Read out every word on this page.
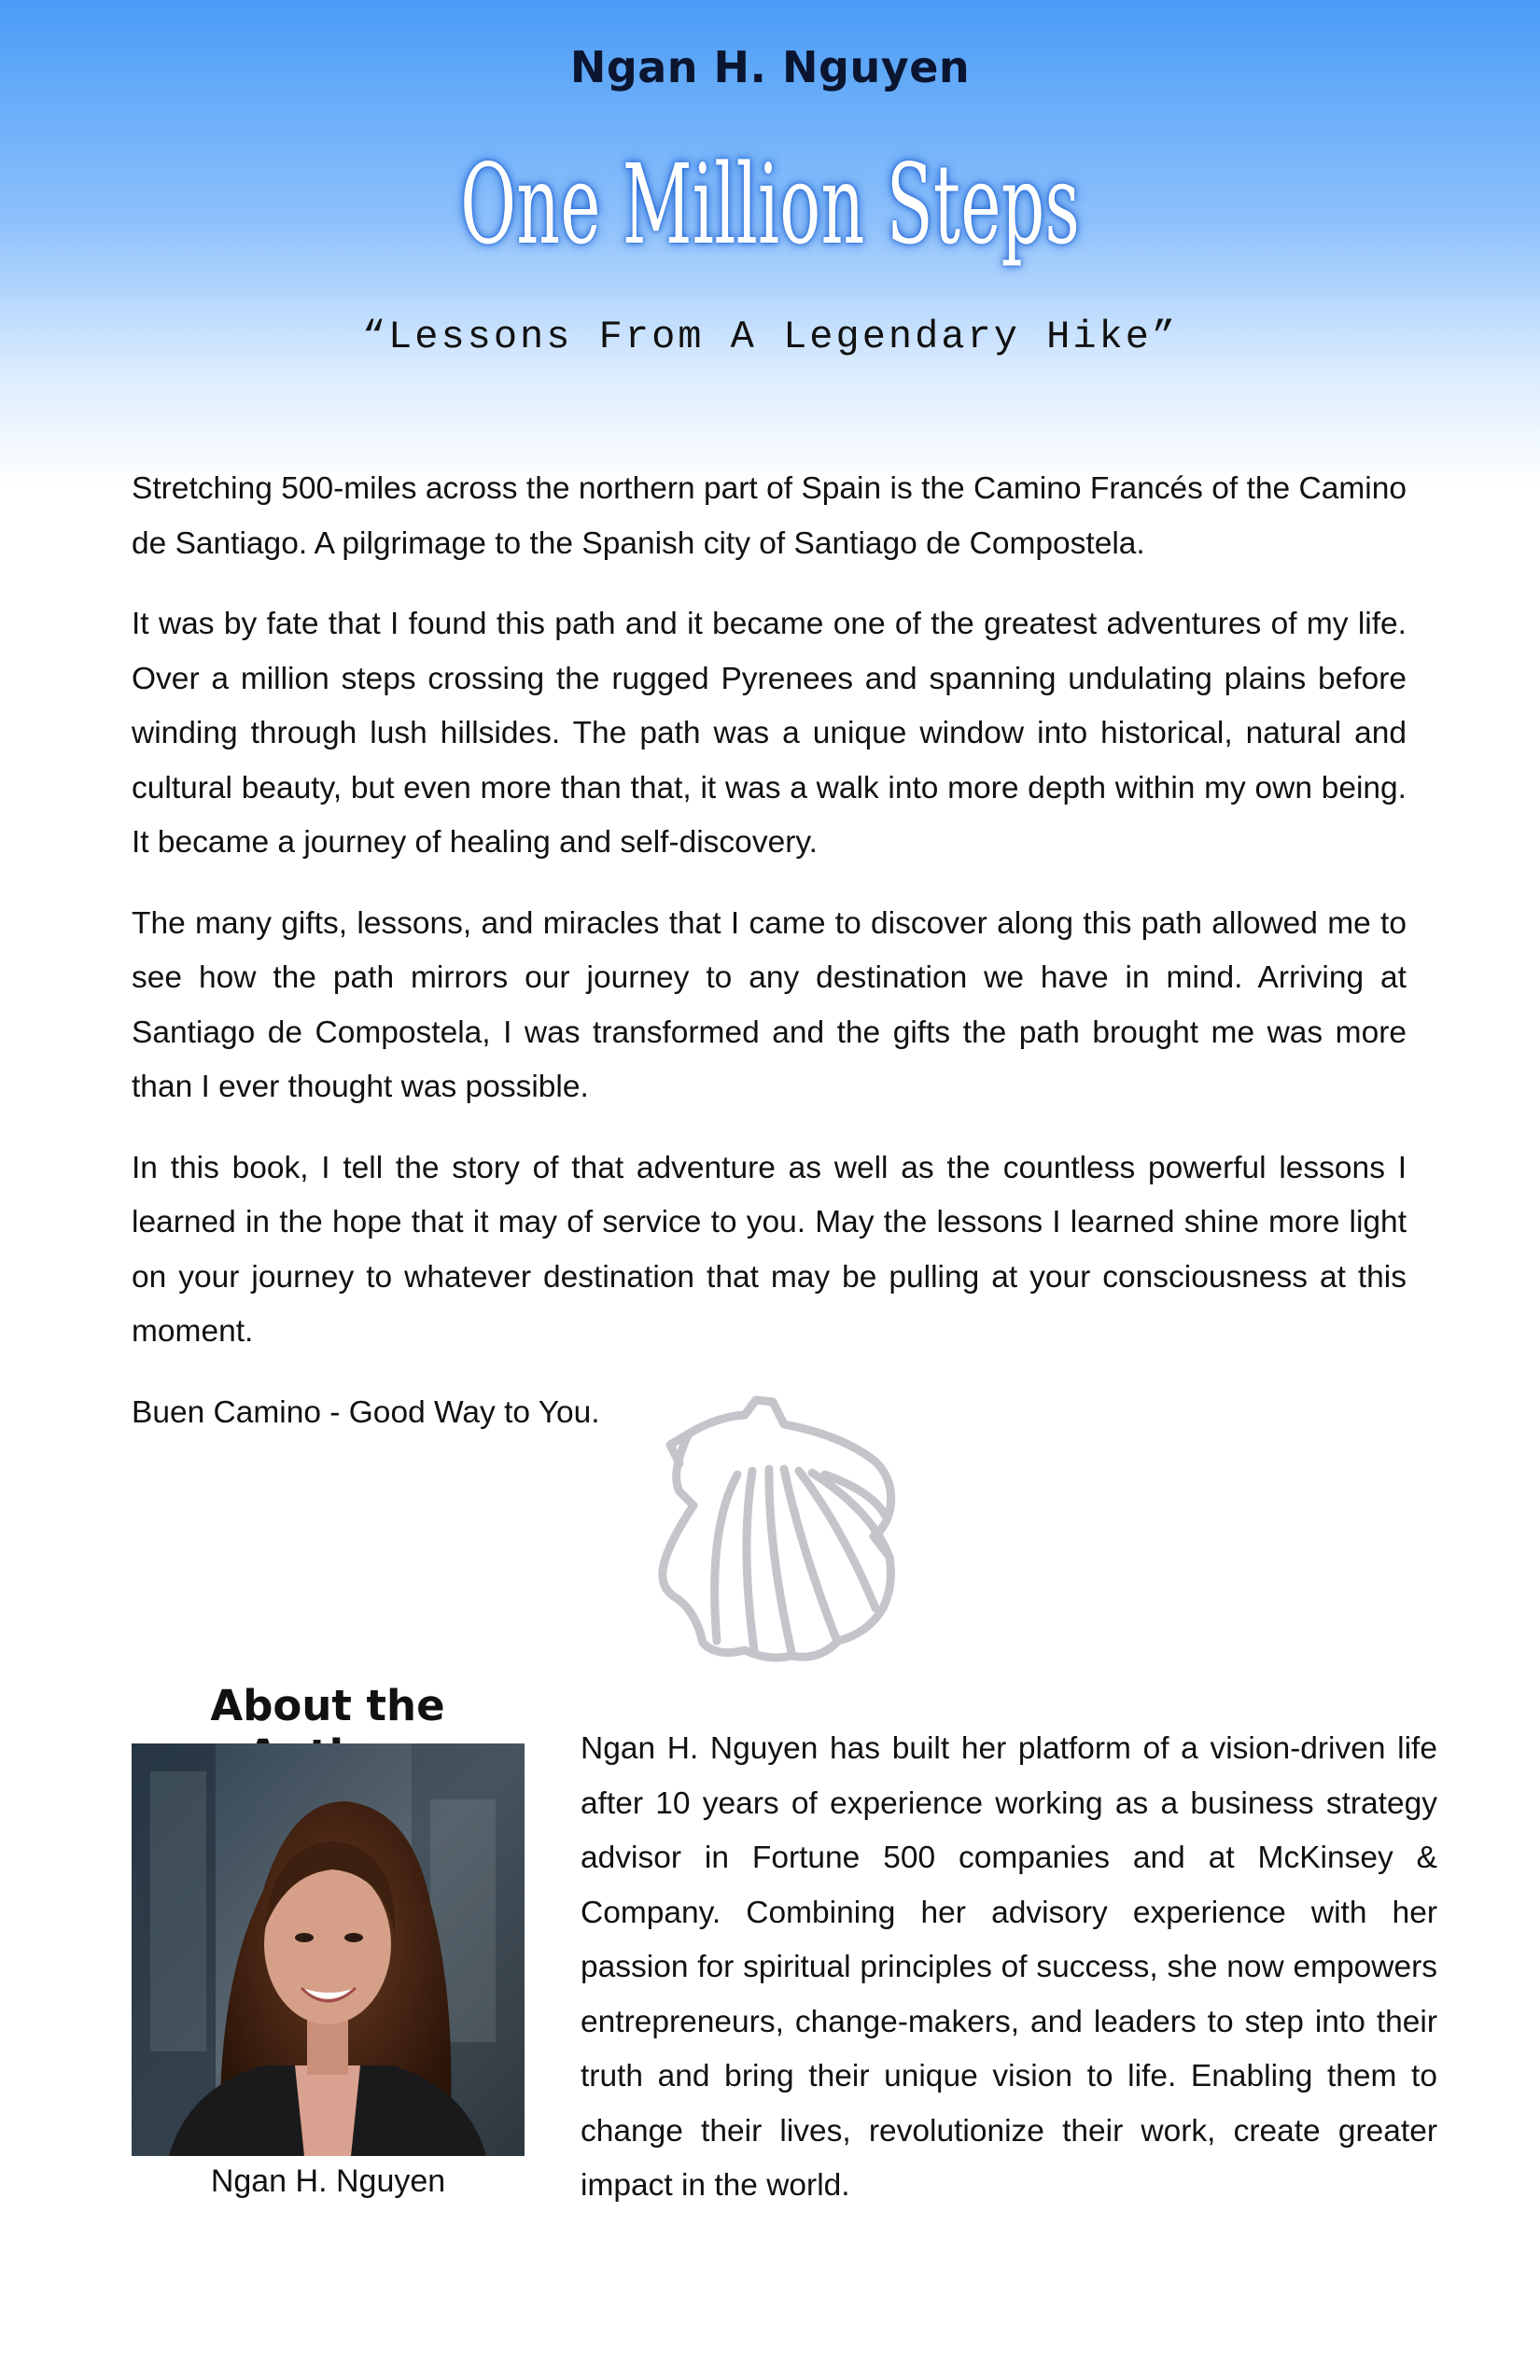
Ngan H. Nguyen
One Million Steps
“Lessons From A Legendary Hike”

Stretching 500-miles across the northern part of Spain is the Camino Francés of the Camino de Santiago. A pilgrimage to the Spanish city of Santiago de Compostela.

It was by fate that I found this path and it became one of the greatest adventures of my life. Over a million steps crossing the rugged Pyrenees and spanning undulating plains before winding through lush hillsides. The path was a unique window into historical, natural and cultural beauty, but even more than that, it was a walk into more depth within my own being. It became a journey of healing and self-discovery.

The many gifts, lessons, and miracles that I came to discover along this path allowed me to see how the path mirrors our journey to any destination we have in mind. Arriving at Santiago de Compostela, I was transformed and the gifts the path brought me was more than I ever thought was possible.

In this book, I tell the story of that adventure as well as the countless powerful lessons I learned in the hope that it may of service to you. May the lessons I learned shine more light on your journey to whatever destination that may be pulling at your consciousness at this moment.

Buen Camino - Good Way to You.

About the
Ngan H. Nguyen

Ngan H. Nguyen has built her platform of a vision-driven life after 10 years of experience working as a business strategy advisor in Fortune 500 companies and at McKinsey & Company. Combining her advisory experience with her passion for spiritual principles of success, she now empowers entrepreneurs, change-makers, and leaders to step into their truth and bring their unique vision to life. Enabling them to change their lives, revolutionize their work, create greater impact in the world.
